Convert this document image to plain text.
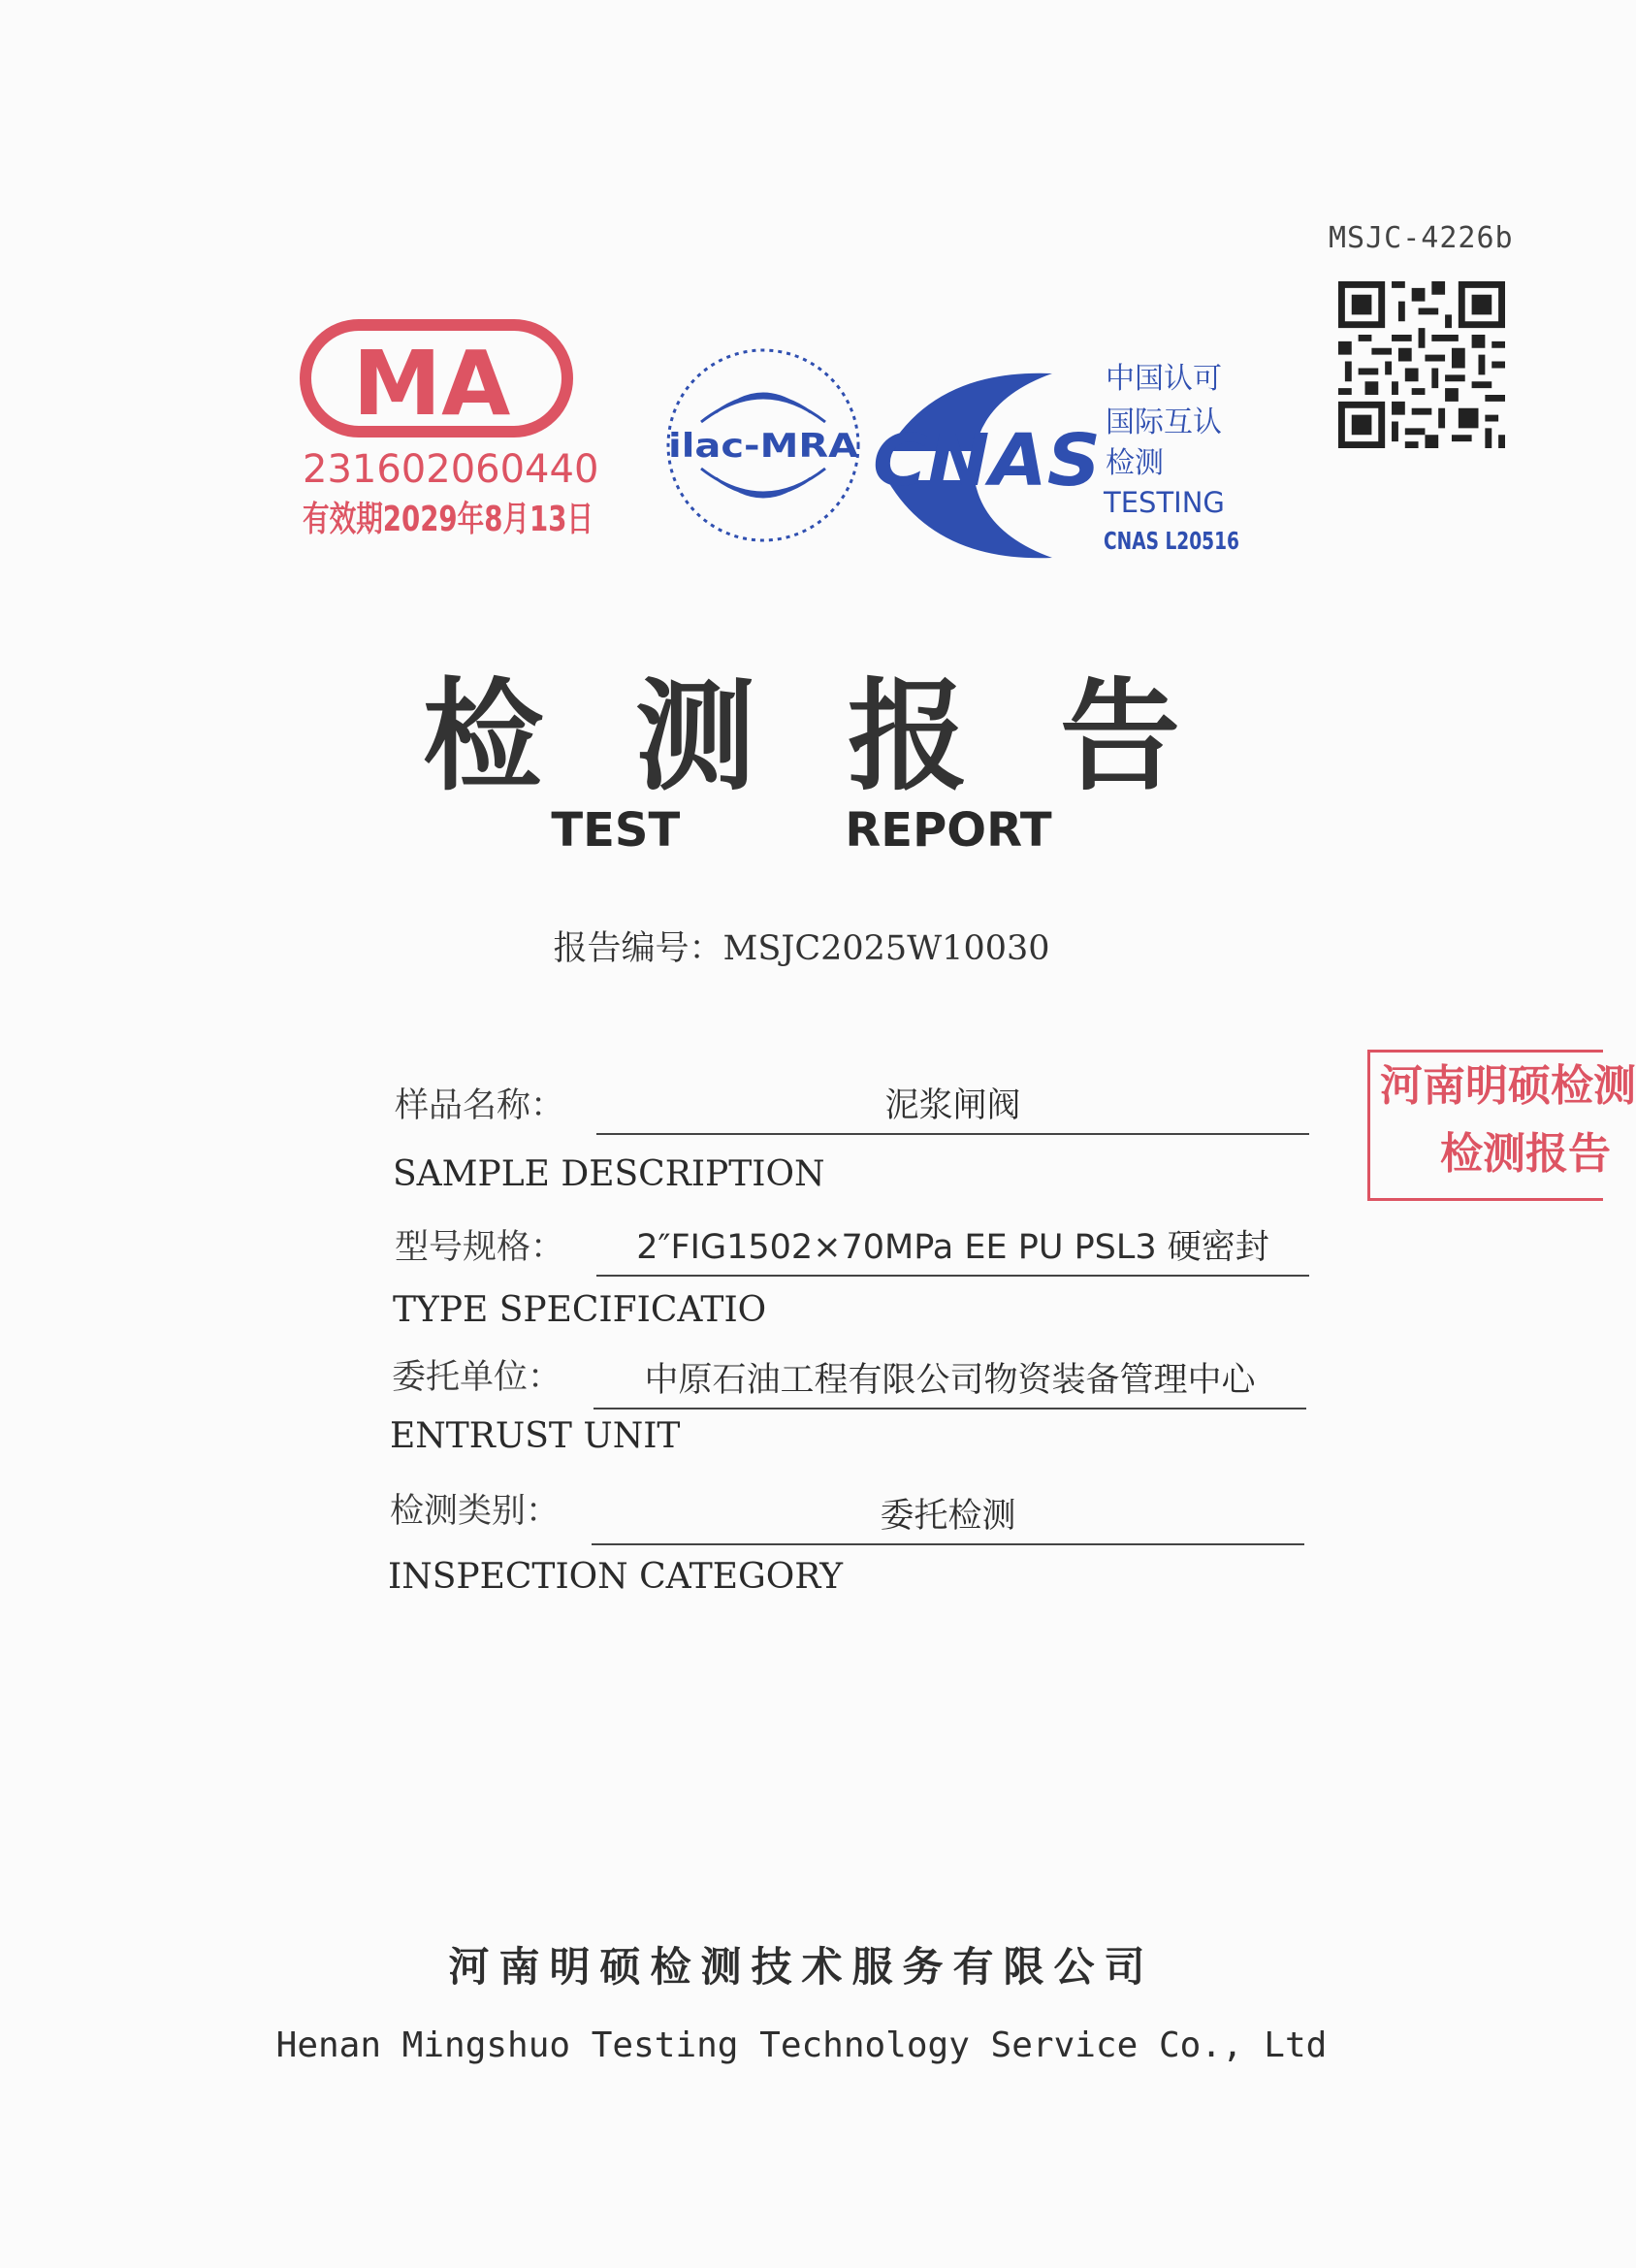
MSJC-4226b
MA
231602060440
有效期2029年8月13日
ilac-MRA CNAS
中国认可
国际互认
检测
TESTING
CNAS L20516
检测报告
TEST   REPORT
报告编号：MSJC2025W10030
样品名称：	泥浆闸阀
SAMPLE DESCRIPTION
型号规格：	2″FIG1502×70MPa EE PU PSL3 硬密封
TYPE SPECIFICATIO
委托单位：	中原石油工程有限公司物资装备管理中心
ENTRUST UNIT
检测类别：	委托检测
INSPECTION CATEGORY
河南明硕检测
检测报告
河南明硕检测技术服务有限公司
Henan Mingshuo Testing Technology Service Co., Ltd
